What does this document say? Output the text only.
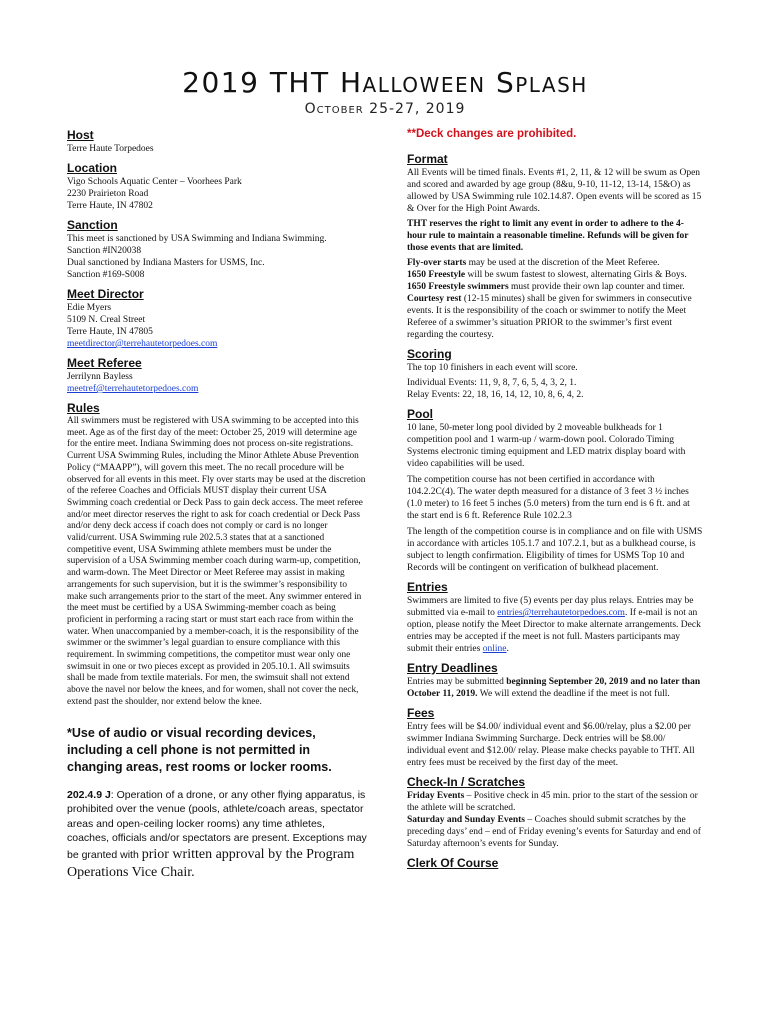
2019 THT Halloween Splash
October 25-27, 2019
Host

Terre Haute Torpedoes

Location

Vigo Schools Aquatic Center – Voorhees Park

2230 Prairieton Road

Terre Haute, IN 47802

Sanction

This meet is sanctioned by USA Swimming and Indiana Swimming.

Sanction #IN20038

Dual sanctioned by Indiana Masters for USMS, Inc.

Sanction #169-S008

Meet Director

Edie Myers

5109 N. Creal Street

Terre Haute, IN 47805

meetdirector@terrehautetorpedoes.com

Meet Referee

Jerrilynn Bayless

meetref@terrehautetorpedoes.com

Rules

All swimmers must be registered with USA swimming to be accepted into this meet. Age as of the first day of the meet: October 25, 2019 will determine age for the entire meet. Indiana Swimming does not process on-site registrations. Current USA Swimming Rules, including the Minor Athlete Abuse Prevention Policy (“MAAPP”), will govern this meet. The no recall procedure will be observed for all events in this meet. Fly over starts may be used at the discretion of the referee Coaches and Officials MUST display their current USA Swimming coach credential or Deck Pass to gain deck access. The meet referee and/or meet director reserves the right to ask for coach credential or Deck Pass and/or deny deck access if coach does not comply or card is no longer valid/current. USA Swimming rule 202.5.3 states that at a sanctioned competitive event, USA Swimming athlete members must be under the supervision of a USA Swimming member coach during warm-up, competition, and warm-down. The Meet Director or Meet Referee may assist in making arrangements for such supervision, but it is the swimmer’s responsibility to make such arrangements prior to the start of the meet. Any swimmer entered in the meet must be certified by a USA Swimming-member coach as being proficient in performing a racing start or must start each race from within the water. When unaccompanied by a member-coach, it is the responsibility of the swimmer or the swimmer’s legal guardian to ensure compliance with this requirement. In swimming competitions, the competitor must wear only one swimsuit in one or two pieces except as provided in 205.10.1. All swimsuits shall be made from textile materials. For men, the swimsuit shall not extend above the navel nor below the knees, and for women, shall not cover the neck, extend past the shoulder, nor extend below the knee.

*Use of audio or visual recording devices, including a cell phone is not permitted in changing areas, rest rooms or locker rooms.

202.4.9 J: Operation of a drone, or any other flying apparatus, is prohibited over the venue (pools, athlete/coach areas, spectator areas and open-ceiling locker rooms) any time athletes, coaches, officials and/or spectators are present. Exceptions may be granted with prior written approval by the Program Operations Vice Chair.

**Deck changes are prohibited.

Format

All Events will be timed finals. Events #1, 2, 11, & 12 will be swum as Open and scored and awarded by age group (8&u, 9-10, 11-12, 13-14, 15&O) as allowed by USA Swimming rule 102.14.87. Open events will be scored as 15 & Over for the High Point Awards.

THT reserves the right to limit any event in order to adhere to the 4-hour rule to maintain a reasonable timeline. Refunds will be given for those events that are limited.

Fly-over starts may be used at the discretion of the Meet Referee.

1650 Freestyle will be swum fastest to slowest, alternating Girls & Boys. 1650 Freestyle swimmers must provide their own lap counter and timer.

Courtesy rest (12-15 minutes) shall be given for swimmers in consecutive events. It is the responsibility of the coach or swimmer to notify the Meet Referee of a swimmer’s situation PRIOR to the swimmer’s first event regarding the courtesy.

Scoring

The top 10 finishers in each event will score.

Individual Events: 11, 9, 8, 7, 6, 5, 4, 3, 2, 1.

Relay Events: 22, 18, 16, 14, 12, 10, 8, 6, 4, 2.

Pool

10 lane, 50-meter long pool divided by 2 moveable bulkheads for 1 competition pool and 1 warm-up / warm-down pool. Colorado Timing Systems electronic timing equipment and LED matrix display board with video capabilities will be used.

The competition course has not been certified in accordance with 104.2.2C(4). The water depth measured for a distance of 3 feet 3 ½ inches (1.0 meter) to 16 feet 5 inches (5.0 meters) from the turn end is 6 ft. and at the start end is 6 ft. Reference Rule 102.2.3

The length of the competition course is in compliance and on file with USMS in accordance with articles 105.1.7 and 107.2.1, but as a bulkhead course, is subject to length confirmation. Eligibility of times for USMS Top 10 and Records will be contingent on verification of bulkhead placement.

Entries

Swimmers are limited to five (5) events per day plus relays. Entries may be submitted via e-mail to entries@terrehautetorpedoes.com. If e-mail is not an option, please notify the Meet Director to make alternate arrangements. Deck entries may be accepted if the meet is not full. Masters participants may submit their entries online.

Entry Deadlines

Entries may be submitted beginning September 20, 2019 and no later than October 11, 2019. We will extend the deadline if the meet is not full.

Fees

Entry fees will be $4.00/ individual event and $6.00/relay, plus a $2.00 per swimmer Indiana Swimming Surcharge. Deck entries will be $8.00/ individual event and $12.00/ relay. Please make checks payable to THT. All entry fees must be received by the first day of the meet.

Check-In / Scratches

Friday Events – Positive check in 45 min. prior to the start of the session or the athlete will be scratched.

Saturday and Sunday Events – Coaches should submit scratches by the preceding days’ end – end of Friday evening’s events for Saturday and end of Saturday afternoon’s events for Sunday.

Clerk Of Course
